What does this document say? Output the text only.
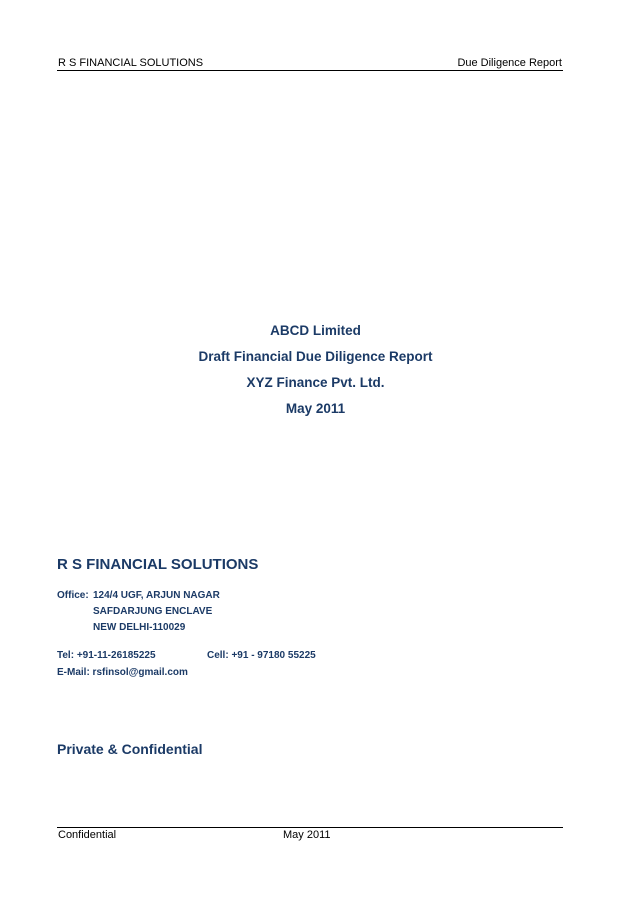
R S FINANCIAL SOLUTIONS	Due Diligence Report
ABCD Limited
Draft Financial Due Diligence Report
XYZ Finance Pvt. Ltd.
May 2011
R S FINANCIAL SOLUTIONS
Office: 124/4 UGF, ARJUN NAGAR
SAFDARJUNG ENCLAVE
NEW DELHI-110029
Tel: +91-11-26185225	Cell: +91 - 97180 55225
E-Mail: rsfinsol@gmail.com
Private & Confidential
Confidential	May 2011
